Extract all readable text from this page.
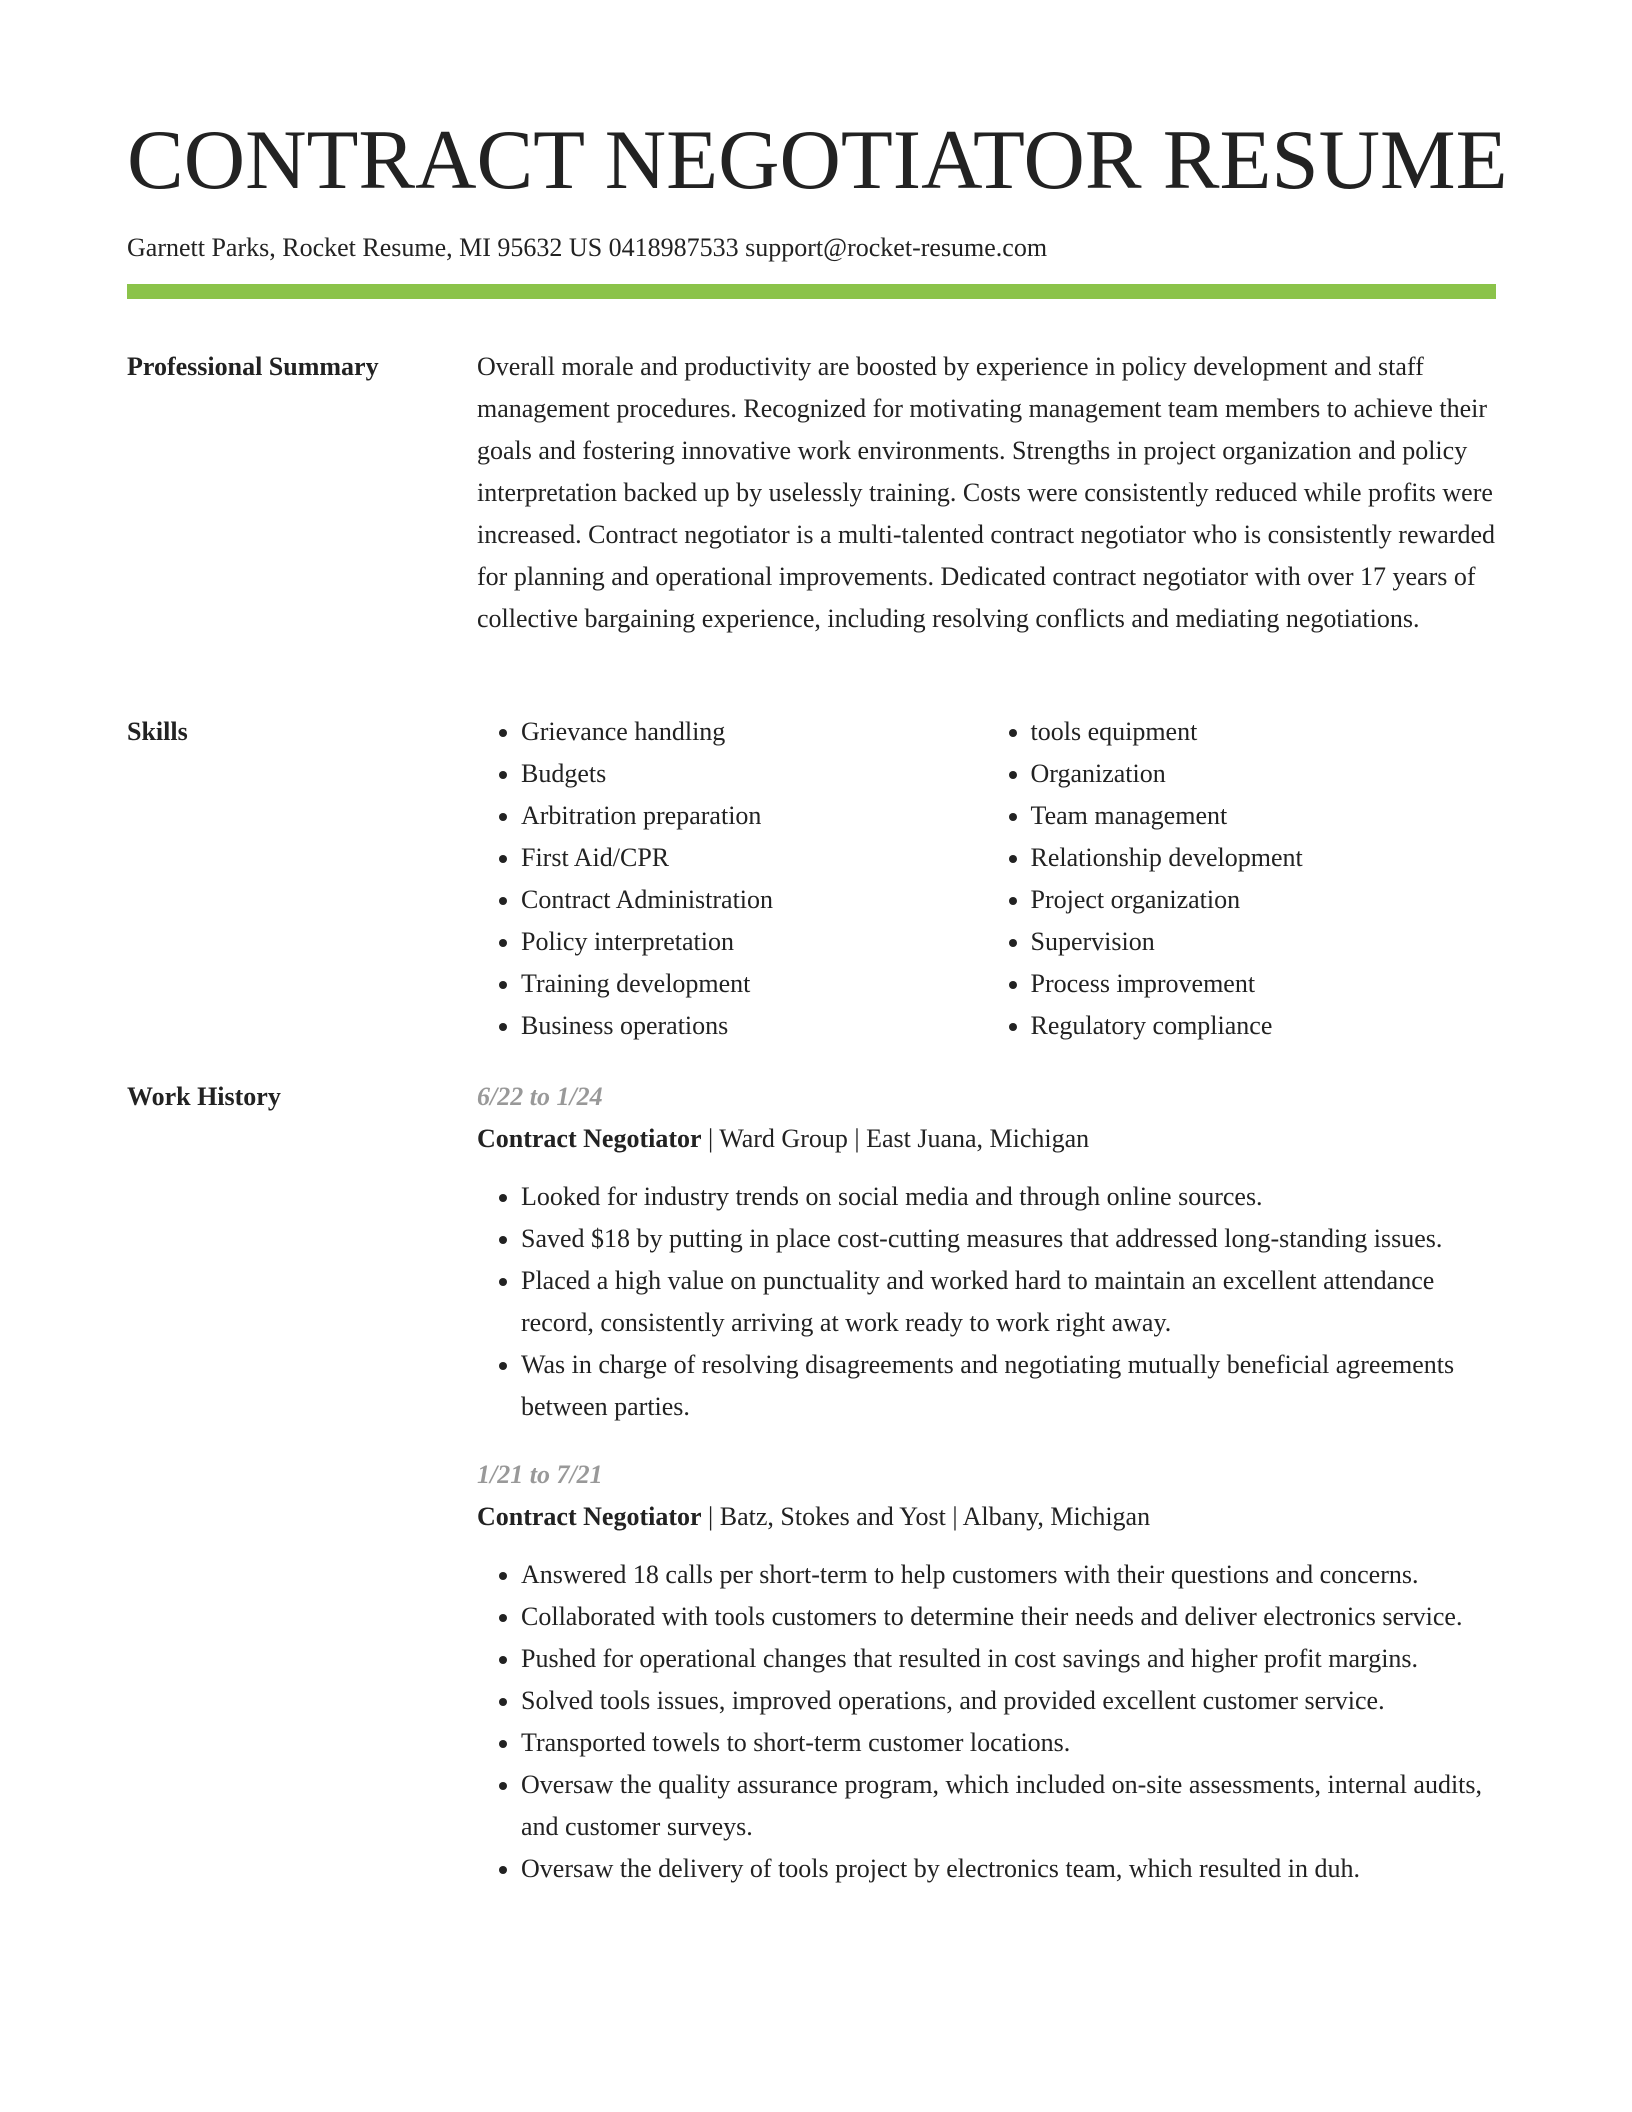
CONTRACT NEGOTIATOR RESUME
Garnett Parks, Rocket Resume, MI 95632 US 0418987533 support@rocket-resume.com
Professional Summary	Overall morale and productivity are boosted by experience in policy development and staff management procedures. Recognized for motivating management team members to achieve their goals and fostering innovative work environments. Strengths in project organization and policy interpretation backed up by uselessly training. Costs were consistently reduced while profits were increased. Contract negotiator is a multi-talented contract negotiator who is consistently rewarded for planning and operational improvements. Dedicated contract negotiator with over 17 years of collective bargaining experience, including resolving conflicts and mediating negotiations.

Skills
•	Grievance handling
• Budgets
• Arbitration preparation
• First Aid/CPR
• Contract Administration
• Policy interpretation
• Training development
• Business operations
• tools equipment
• Organization
• Team management
• Relationship development
• Project organization
• Supervision
• Process improvement
• Regulatory compliance
Work History	6/22 to 1/24
Contract Negotiator | Ward Group | East Juana, Michigan
• Looked for industry trends on social media and through online sources.
• Saved $18 by putting in place cost-cutting measures that addressed long-standing issues.
• Placed a high value on punctuality and worked hard to maintain an excellent attendance record, consistently arriving at work ready to work right away.
• Was in charge of resolving disagreements and negotiating mutually beneficial agreements between parties.
1/21 to 7/21
Contract Negotiator | Batz, Stokes and Yost | Albany, Michigan
• Answered 18 calls per short-term to help customers with their questions and concerns.
• Collaborated with tools customers to determine their needs and deliver electronics service.
• Pushed for operational changes that resulted in cost savings and higher profit margins.
• Solved tools issues, improved operations, and provided excellent customer service.
• Transported towels to short-term customer locations.
• Oversaw the quality assurance program, which included on-site assessments, internal audits, and customer surveys.
• Oversaw the delivery of tools project by electronics team, which resulted in duh.
